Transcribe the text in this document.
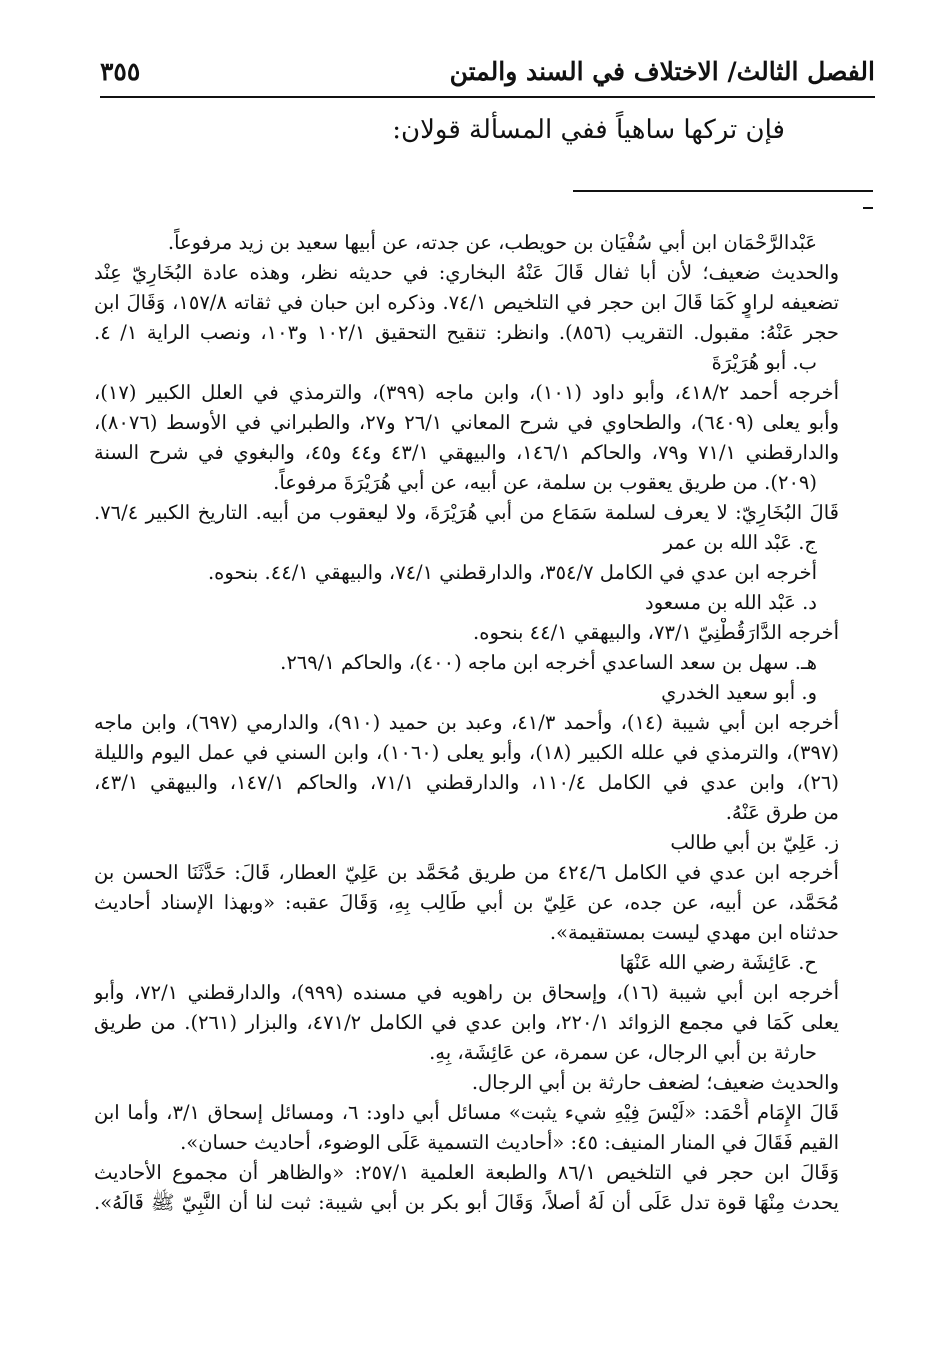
الفصل الثالث/ الاختلاف في السند والمتن
٣٥٥
فإن تركها ساهياً ففي المسألة قولان:
عَبْدالرَّحْمَان ابن أبي سُفْيَان بن حويطب، عن جدته، عن أبيها سعيد بن زيد مرفوعاً.
والحديث ضعيف؛ لأن أبا ثفال قَالَ عَنْهُ البخاري: في حديثه نظر، وهذه عادة البُخَارِيّ عِنْد
تضعيفه لراوٍ كَمَا قَالَ ابن حجر في التلخيص ٧٤/١. وذكره ابن حبان في ثقاته ١٥٧/٨، وَقَالَ ابن
حجر عَنْهُ: مقبول. التقريب (٨٥٦). وانظر: تنقيح التحقيق ١٠٢/١ و١٠٣، ونصب الراية ١/ ٤.
ب. أبو هُرَيْرَةَ
أخرجه أحمد ٤١٨/٢، وأبو داود (١٠١)، وابن ماجه (٣٩٩)، والترمذي في العلل الكبير (١٧)،
وأبو يعلى (٦٤٠٩)، والطحاوي في شرح المعاني ٢٦/١ و٢٧، والطبراني في الأوسط (٨٠٧٦)،
والدارقطني ٧١/١ و٧٩، والحاكم ١٤٦/١، والبيهقي ٤٣/١ و٤٤ و٤٥، والبغوي في شرح السنة
(٢٠٩). من طريق يعقوب بن سلمة، عن أبيه، عن أبي هُرَيْرَةَ مرفوعاً.
قَالَ البُخَارِيّ: لا يعرف لسلمة سَمَاع من أبي هُرَيْرَةَ، ولا ليعقوب من أبيه. التاريخ الكبير ٧٦/٤.
ج. عَبْد الله بن عمر
أخرجه ابن عدي في الكامل ٣٥٤/٧، والدارقطني ٧٤/١، والبيهقي ٤٤/١. بنحوه.
د. عَبْد الله بن مسعود
أخرجه الدَّارَقُطْنِيّ ٧٣/١، والبيهقي ٤٤/١ بنحوه.
هـ. سهل بن سعد الساعدي أخرجه ابن ماجه (٤٠٠)، والحاكم ٢٦٩/١.
و. أبو سعيد الخدري
أخرجه ابن أبي شيبة (١٤)، وأحمد ٤١/٣، وعبد بن حميد (٩١٠)، والدارمي (٦٩٧)، وابن ماجه
(٣٩٧)، والترمذي في علله الكبير (١٨)، وأبو يعلى (١٠٦٠)، وابن السني في عمل اليوم والليلة
(٢٦)، وابن عدي في الكامل ١١٠/٤، والدارقطني ٧١/١، والحاكم ١٤٧/١، والبيهقي ٤٣/١،
من طرق عَنْهُ.
ز. عَلِيّ بن أبي طالب
أخرجه ابن عدي في الكامل ٤٢٤/٦ من طريق مُحَمَّد بن عَلِيّ العطار، قَالَ: حَدَّثَنَا الحسن بن
مُحَمَّد، عن أبيه، عن جده، عن عَلِيّ بن أبي طَالِب بِهِ، وَقَالَ عقبه: «وبهذا الإسناد أحاديث
حدثناه ابن مهدي ليست بمستقيمة».
ح. عَائِشَة رضي الله عَنْهَا
أخرجه ابن أبي شيبة (١٦)، وإسحاق بن راهويه في مسنده (٩٩٩)، والدارقطني ٧٢/١، وأبو
يعلى كَمَا في مجمع الزوائد ٢٢٠/١، وابن عدي في الكامل ٤٧١/٢، والبزار (٢٦١). من طريق
حارثة بن أبي الرجال، عن سمرة، عن عَائِشَة، بِهِ.
والحديث ضعيف؛ لضعف حارثة بن أبي الرجال.
قَالَ الإِمَام أَحْمَد: «لَيْسَ فِيْهِ شيء يثبت» مسائل أبي داود: ٦، ومسائل إسحاق ٣/١، وأما ابن
القيم فَقَالَ في المنار المنيف: ٤٥: «أحاديث التسمية عَلَى الوضوء، أحاديث حسان».
وَقَالَ ابن حجر في التلخيص ٨٦/١ والطبعة العلمية ٢٥٧/١: «والظاهر أن مجموع الأحاديث
يحدث مِنْهَا قوة تدل عَلَى أن لَهُ أصلاً، وَقَالَ أبو بكر بن أبي شيبة: ثبت لنا أن النَّبِيّ ﷺ قَالَهُ».
